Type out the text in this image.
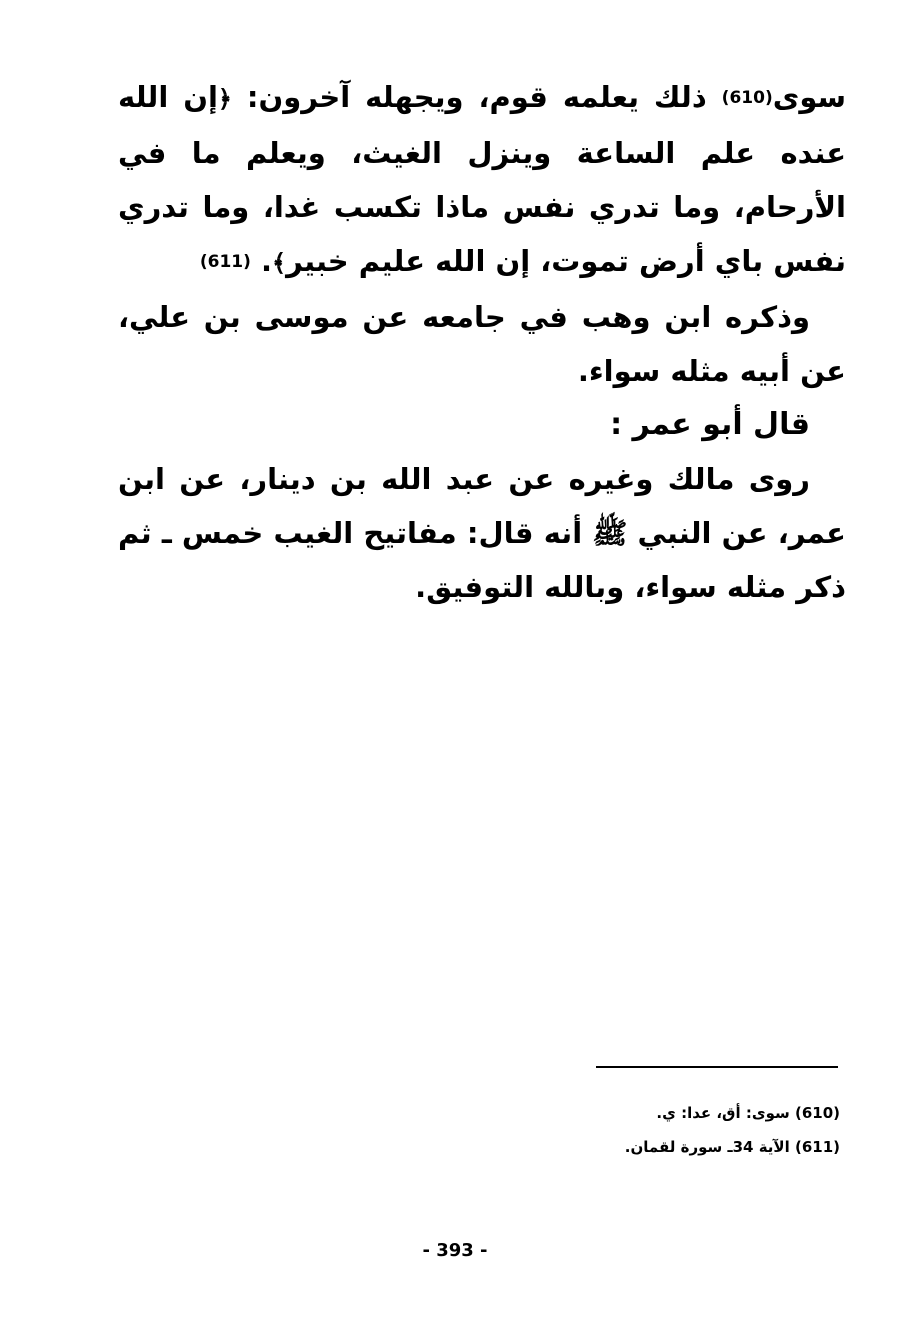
سوى(610) ذلك يعلمه قوم، ويجهله آخرون: ﴿إن الله عنده علم الساعة وينزل الغيث، ويعلم ما في الأرحام، وما تدري نفس ماذا تكسب غدا، وما تدري نفس باي أرض تموت، إن الله عليم خبير﴾. (611)

وذكره ابن وهب في جامعه عن موسى بن علي، عن أبيه مثله سواء.

قال أبو عمر :

روى مالك وغيره عن عبد الله بن دينار، عن ابن عمر، عن النبي ﷺ أنه قال: مفاتيح الغيب خمس ـ ثم ذكر مثله سواء، وبالله التوفيق.

(610) سوى: أق، عدا: ي.

(611) الآية 34ـ سورة لقمان.

- 393 -
